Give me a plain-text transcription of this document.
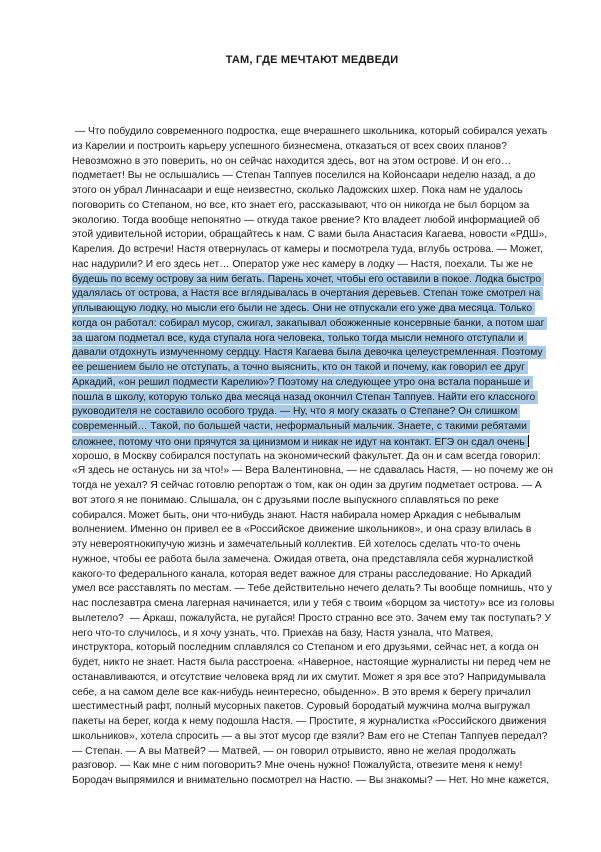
ТАМ, ГДЕ МЕЧТАЮТ МЕДВЕДИ
— Что побудило современного подростка, еще вчерашнего школьника, который собирался уехать
из Карелии и построить карьеру успешного бизнесмена, отказаться от всех своих планов?
Невозможно в это поверить, но он сейчас находится здесь, вот на этом острове. И он его…
подметает! Вы не ослышались — Степан Таппуев поселился на Койонсаари неделю назад, а до
этого он убрал Линнасаари и еще неизвестно, сколько Ладожских шхер. Пока нам не удалось
поговорить со Степаном, но все, кто знает его, рассказывают, что он никогда не был борцом за
экологию. Тогда вообще непонятно — откуда такое рвение? Кто владеет любой информацией об
этой удивительной истории, обращайтесь к нам. С вами была Анастасия Кагаева, новости «РДШ»,
Карелия. До встречи! Настя отвернулась от камеры и посмотрела туда, вглубь острова. — Может,
нас надурили? И его здесь нет… Оператор уже нес камеру в лодку — Настя, поехали. Ты же не
будешь по всему острову за ним бегать. Парень хочет, чтобы его оставили в покое. Лодка быстро
удалялась от острова, а Настя все вглядывалась в очертания деревьев. Степан тоже смотрел на
уплывающую лодку, но мысли его были не здесь. Они не отпускали его уже два месяца. Только
когда он работал: собирал мусор, сжигал, закапывал обожженные консервные банки, а потом шаг
за шагом подметал все, куда ступала нога человека, только тогда мысли немного отступали и
давали отдохнуть измученному сердцу. Настя Кагаева была девочка целеустремленная. Поэтому
ее решением было не отступать, а точно выяснить, кто он такой и почему, как говорил ее друг
Аркадий, «он решил подмести Карелию»? Поэтому на следующее утро она встала пораньше и
пошла в школу, которую только два месяца назад окончил Степан Таппуев. Найти его классного
руководителя не составило особого труда. — Ну, что я могу сказать о Степане? Он слишком
современный… Такой, по большей части, неформальный мальчик. Знаете, с такими ребятами
сложнее, потому что они прячутся за цинизмом и никак не идут на контакт. ЕГЭ он сдал очень
хорошо, в Москву собирался поступать на экономический факультет. Да он и сам всегда говорил:
«Я здесь не останусь ни за что!» — Вера Валентиновна, — не сдавалась Настя, — но почему же он
тогда не уехал? Я сейчас готовлю репортаж о том, как он один за другим подметает острова. — А
вот этого я не понимаю. Слышала, он с друзьями после выпускного сплавляться по реке
собирался. Может быть, они что-нибудь знают. Настя набирала номер Аркадия с небывалым
волнением. Именно он привел ее в «Российское движение школьников», и она сразу влилась в
эту невероятнокипучую жизнь и замечательный коллектив. Ей хотелось сделать что-то очень
нужное, чтобы ее работа была замечена. Ожидая ответа, она представляла себя журналисткой
какого-то федерального канала, которая ведет важное для страны расследование. Но Аркадий
умел все расставлять по местам. — Тебе действительно нечего делать? Ты вообще помнишь, что у
нас послезавтра смена лагерная начинается, или у тебя с твоим «борцом за чистоту» все из головы
вылетело?  — Аркаш, пожалуйста, не ругайся! Просто странно все это. Зачем ему так поступать? У
него что-то случилось, и я хочу узнать, что. Приехав на базу, Настя узнала, что Матвея,
инструктора, который последним сплавлялся со Степаном и его друзьями, сейчас нет, а когда он
будет, никто не знает. Настя была расстроена. «Наверное, настоящие журналисты ни перед чем не
останавливаются, и отсутствие человека вряд ли их смутит. Может я зря все это? Напридумывала
себе, а на самом деле все как-нибудь неинтересно, обыденно». В это время к берегу причалил
шестиместный рафт, полный мусорных пакетов. Суровый бородатый мужчина молча выгружал
пакеты на берег, когда к нему подошла Настя. — Простите, я журналистка «Российского движения
школьников», хотела спросить — а вы этот мусор где взяли? Вам его не Степан Таппуев передал?
— Степан. — А вы Матвей? — Матвей, — он говорил отрывисто, явно не желая продолжать
разговор. — Как мне с ним поговорить? Мне очень нужно! Пожалуйста, отвезите меня к нему!
Бородач выпрямился и внимательно посмотрел на Настю. — Вы знакомы? — Нет. Но мне кажется,
